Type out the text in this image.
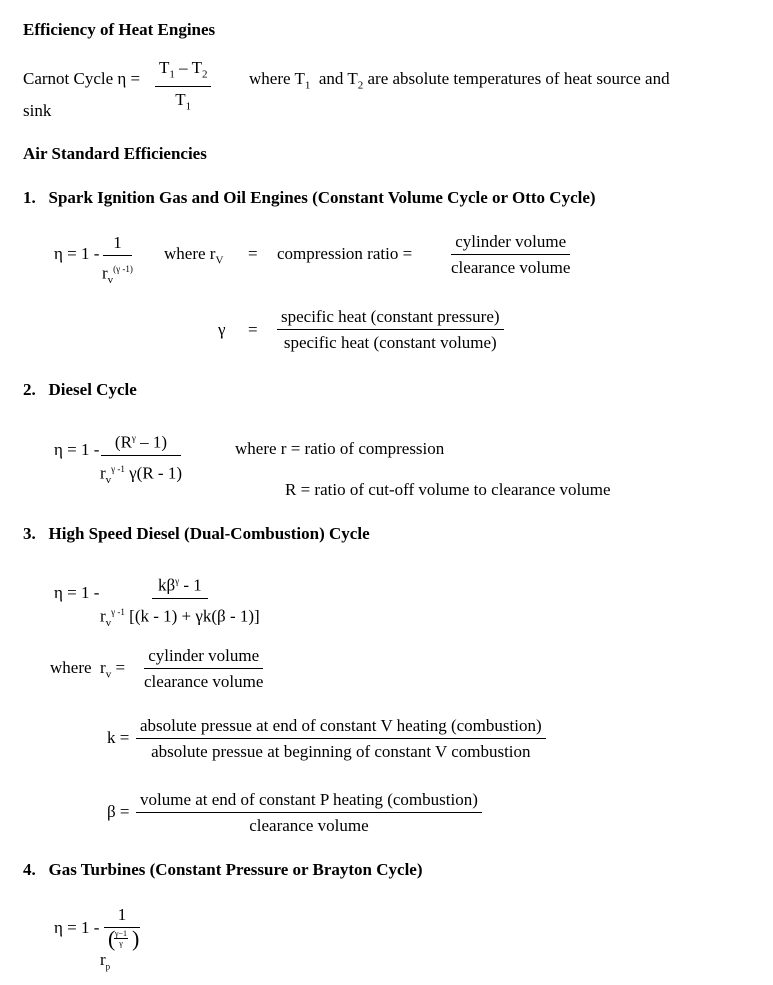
Efficiency of Heat Engines
Carnot Cycle $\eta = \frac{T_1 - T_2}{T_1}$ where $T_1$  and $T_2$ are absolute temperatures of heat source and
sink
Air Standard Efficiencies
1. Spark Ignition Gas and Oil Engines (Constant Volume Cycle or Otto Cycle)
η = 1 -
$\frac{1}{r_v^{(\gamma -1)}}$ where $r_V$ = compression ratio =
cylinder volume
clearance volume
γ =
specific heat (constant pressure)
specific heat (constant volume)
2. Diesel Cycle
$\eta = 1 - (R^\gamma - 1)$
$r_v^{\gamma -1}$ γ(R - 1)
where r = ratio of compression
R = ratio of cut-off volume to clearance volume
3. High Speed Diesel (Dual-Combustion) Cycle
η = 1 -	$k\beta^\gamma - 1$
$r_v^{\gamma -1}$ [(k - 1) + γk(β - 1)]
where  $r_v$ =
cylinder volume
clearance volume
k =
absolute pressue at end of constant V heating (combustion)
absolute pressue at beginning of constant V combustion
β =
volume at end of constant P heating (combustion)
clearance volume
4. Gas Turbines (Constant Pressure or Brayton Cycle)
η = 1 -
1
$r_p$
( γ−1
γ )
